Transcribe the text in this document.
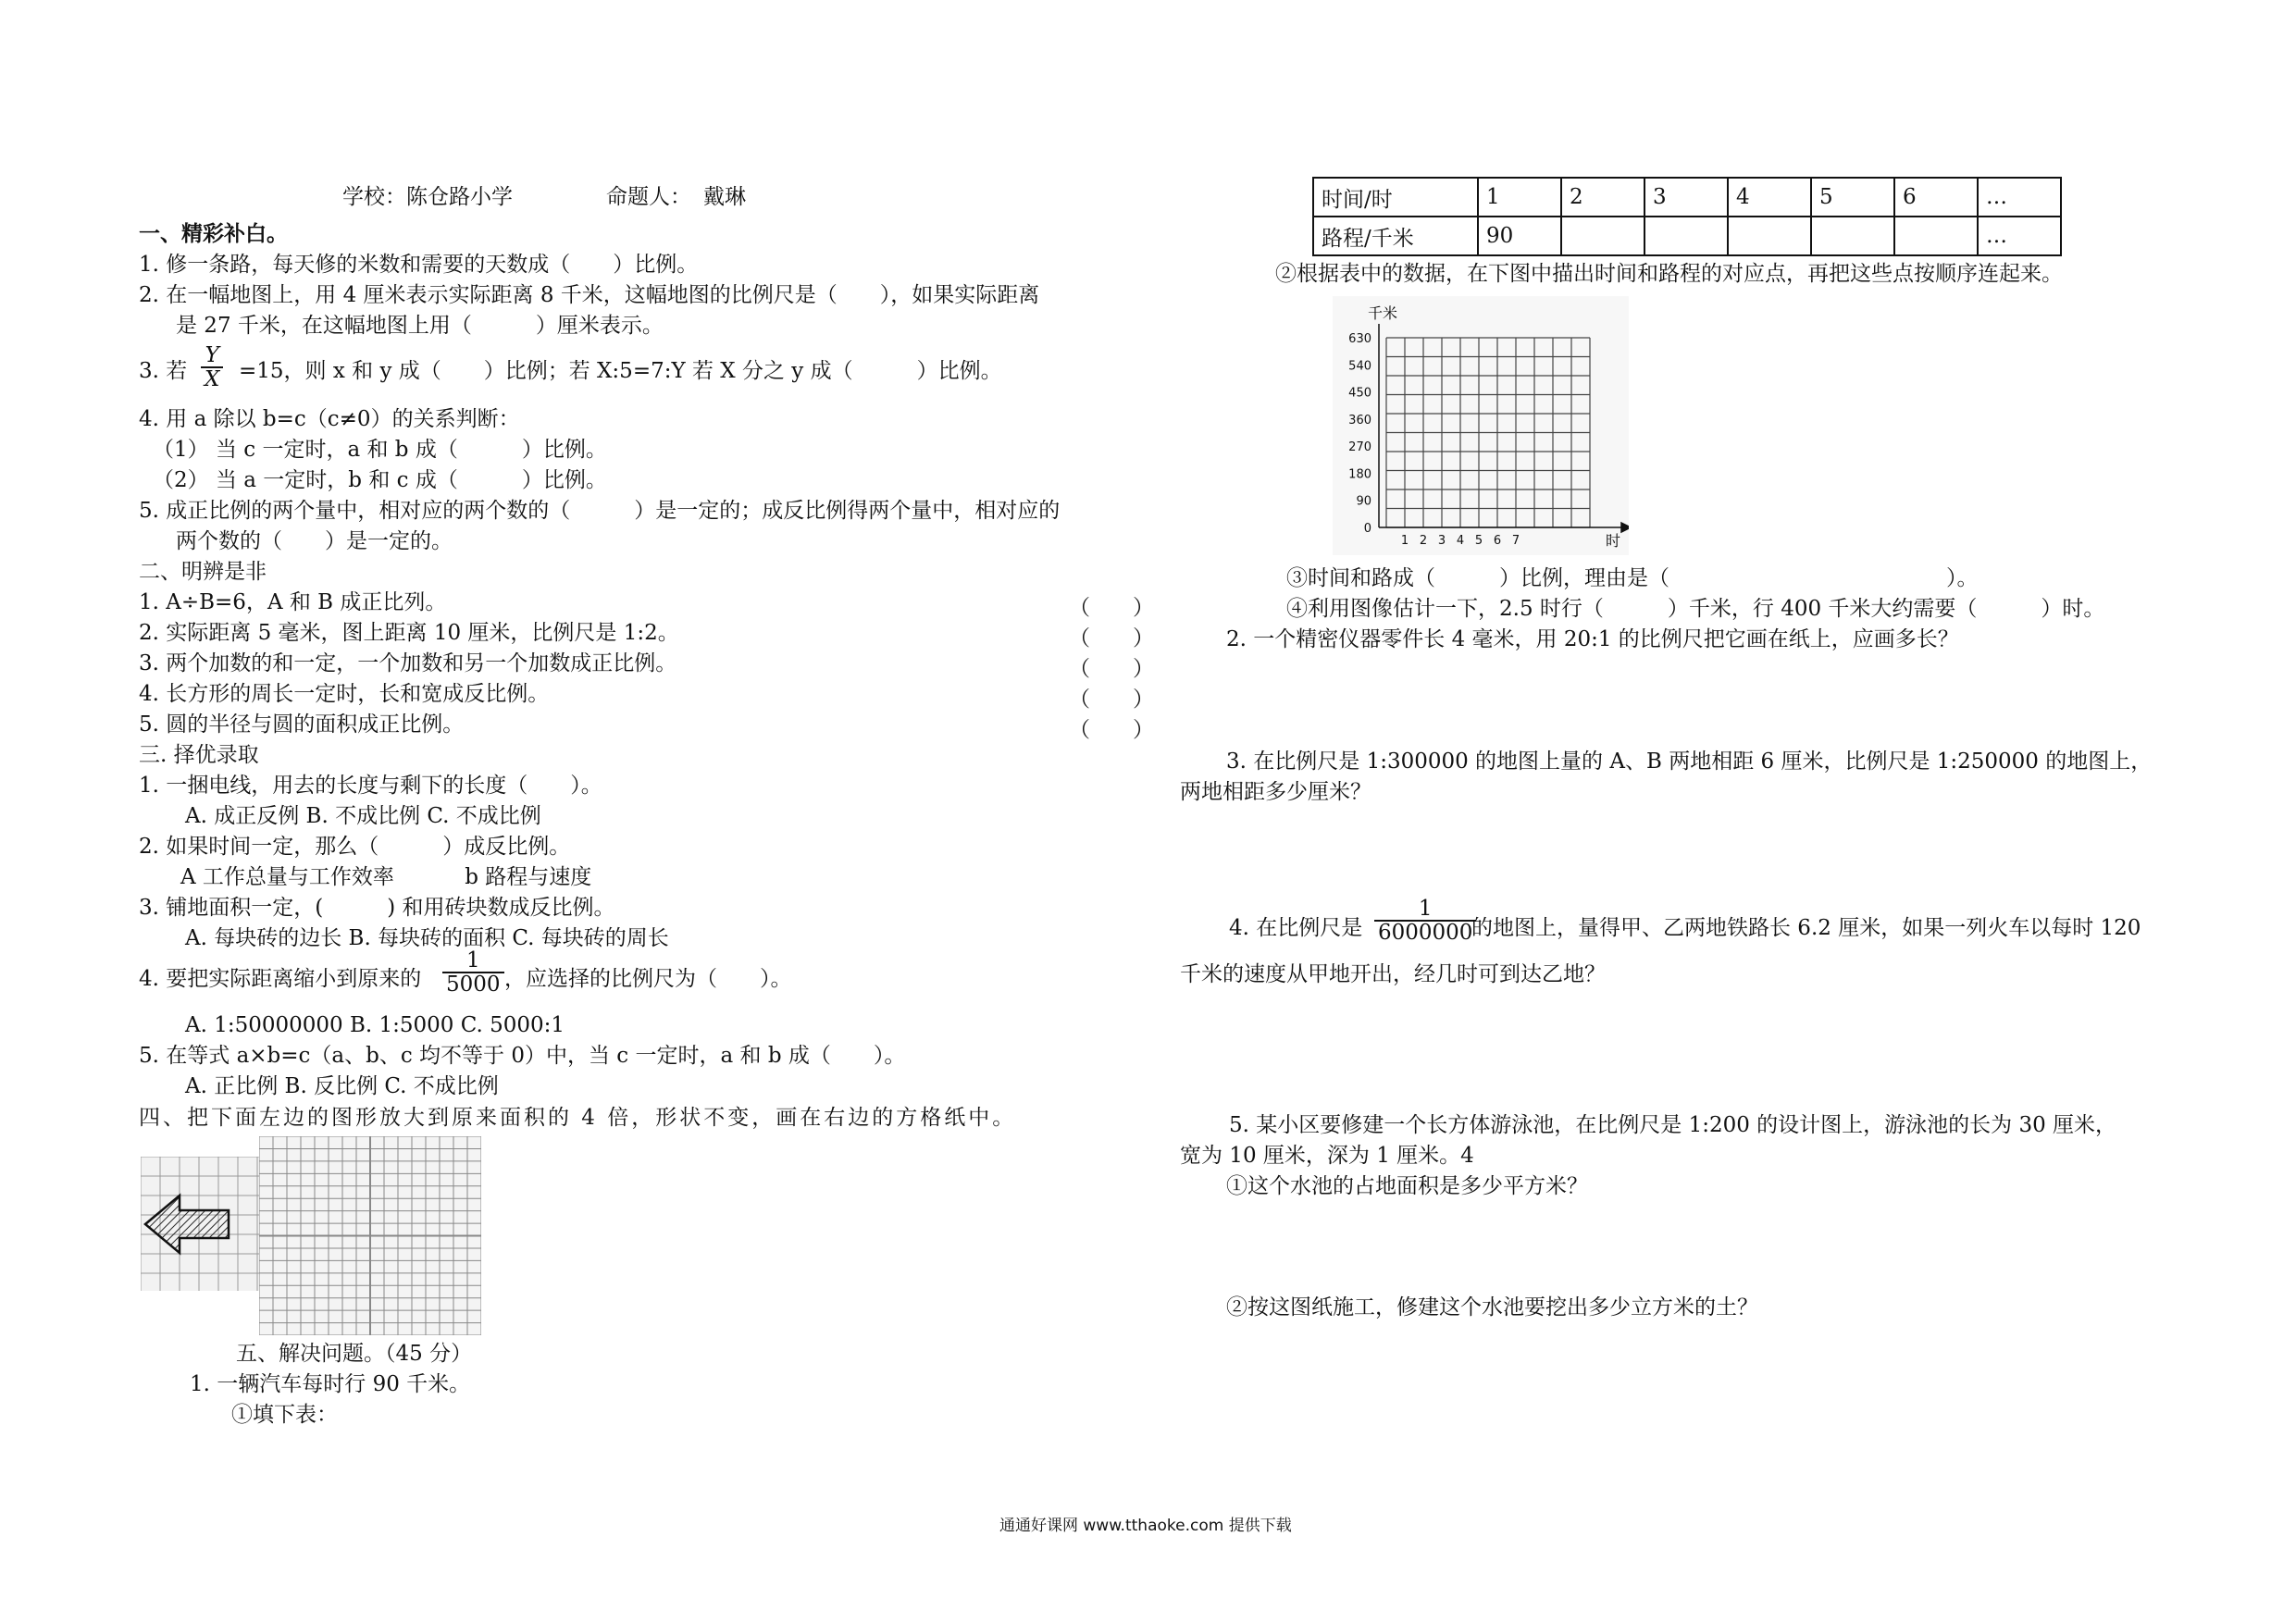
学校：陈仓路小学	命题人： 戴琳
一、精彩补白。
1. 修一条路，每天修的米数和需要的天数成（　　）比例。
2. 在一幅地图上，用 4 厘米表示实际距离 8 千米，这幅地图的比例尺是（　　），如果实际距离
是 27 千米，在这幅地图上用（　　　）厘米表示。
3. 若 $\frac{Y}{X} =15$，则 x 和 y 成（　　）比例；若 X:5=7:Y 若 X 分之 y 成（　　　）比例。
4. 用 a 除以 b=c（c≠0）的关系判断：
（1） 当 c 一定时，a 和 b 成（　　　）比例。
（2） 当 a 一定时，b 和 c 成（　　　）比例。
5. 成正比例的两个量中，相对应的两个数的（　　　）是一定的；成反比例得两个量中，相对应的
两个数的（　　）是一定的。
二、明辨是非
1. A÷B=6，A 和 B 成正比列。
2. 实际距离 5 毫米，图上距离 10 厘米，比例尺是 1:2。
3. 两个加数的和一定，一个加数和另一个加数成正比例。
4. 长方形的周长一定时，长和宽成反比例。
5. 圆的半径与圆的面积成正比例。
（　　）
（　　）
（　　）
（　　）
（　　）
三. 择优录取
1. 一捆电线，用去的长度与剩下的长度（　　）。
A. 成正反例 B. 不成比例 C. 不成比例
2. 如果时间一定，那么（　　　）成反比例。
A 工作总量与工作效率　　　 b 路程与速度
3. 铺地面积一定，(　　　) 和用砖块数成反比例。
A. 每块砖的边长 B. 每块砖的面积 C. 每块砖的周长
4. 要把实际距离缩小到原来的 $\frac{1}{5000}$ ，应选择的比例尺为（　　）。
A. 1:50000000 B. 1:5000 C. 5000:1
5. 在等式 a×b=c（a、b、c 均不等于 0）中，当 c 一定时，a 和 b 成（　　）。
A. 正比例 B. 反比例 C. 不成比例
四、把下面左边的图形放大到原来面积的 4 倍，形状不变，画在右边的方格纸中。
五、解决问题。（45 分）
1. 一辆汽车每时行 90 千米。
①填下表：
时间/时	1	2	3	4	5	6	…
路程/千米	90						…
②根据表中的数据，在下图中描出时间和路程的对应点，再把这些点按顺序连起来。
千米
时
630
540
450
360
270
180
90
0
1 2 3 4 5 6 7
③时间和路成（　　　）比例，理由是（　　　　　　　　　　　　　）。
④利用图像估计一下，2.5 时行（　　　）千米，行 400 千米大约需要（　　　）时。
2. 一个精密仪器零件长 4 毫米，用 20:1 的比例尺把它画在纸上，应画多长？
3. 在比例尺是 1:300000 的地图上量的 A、B 两地相距 6 厘米，比例尺是 1:250000 的地图上，
两地相距多少厘米？
4. 在比例尺是 $\frac{1}{6000000}$
的地图上，量得甲、乙两地铁路长 6.2 厘米，如果一列火车以每时 120
千米的速度从甲地开出，经几时可到达乙地？
5. 某小区要修建一个长方体游泳池，在比例尺是 1:200 的设计图上，游泳池的长为 30 厘米，
宽为 10 厘米，深为 1 厘米。4
①这个水池的占地面积是多少平方米？
②按这图纸施工，修建这个水池要挖出多少立方米的土？
通通好课网 www.tthaoke.com 提供下载
